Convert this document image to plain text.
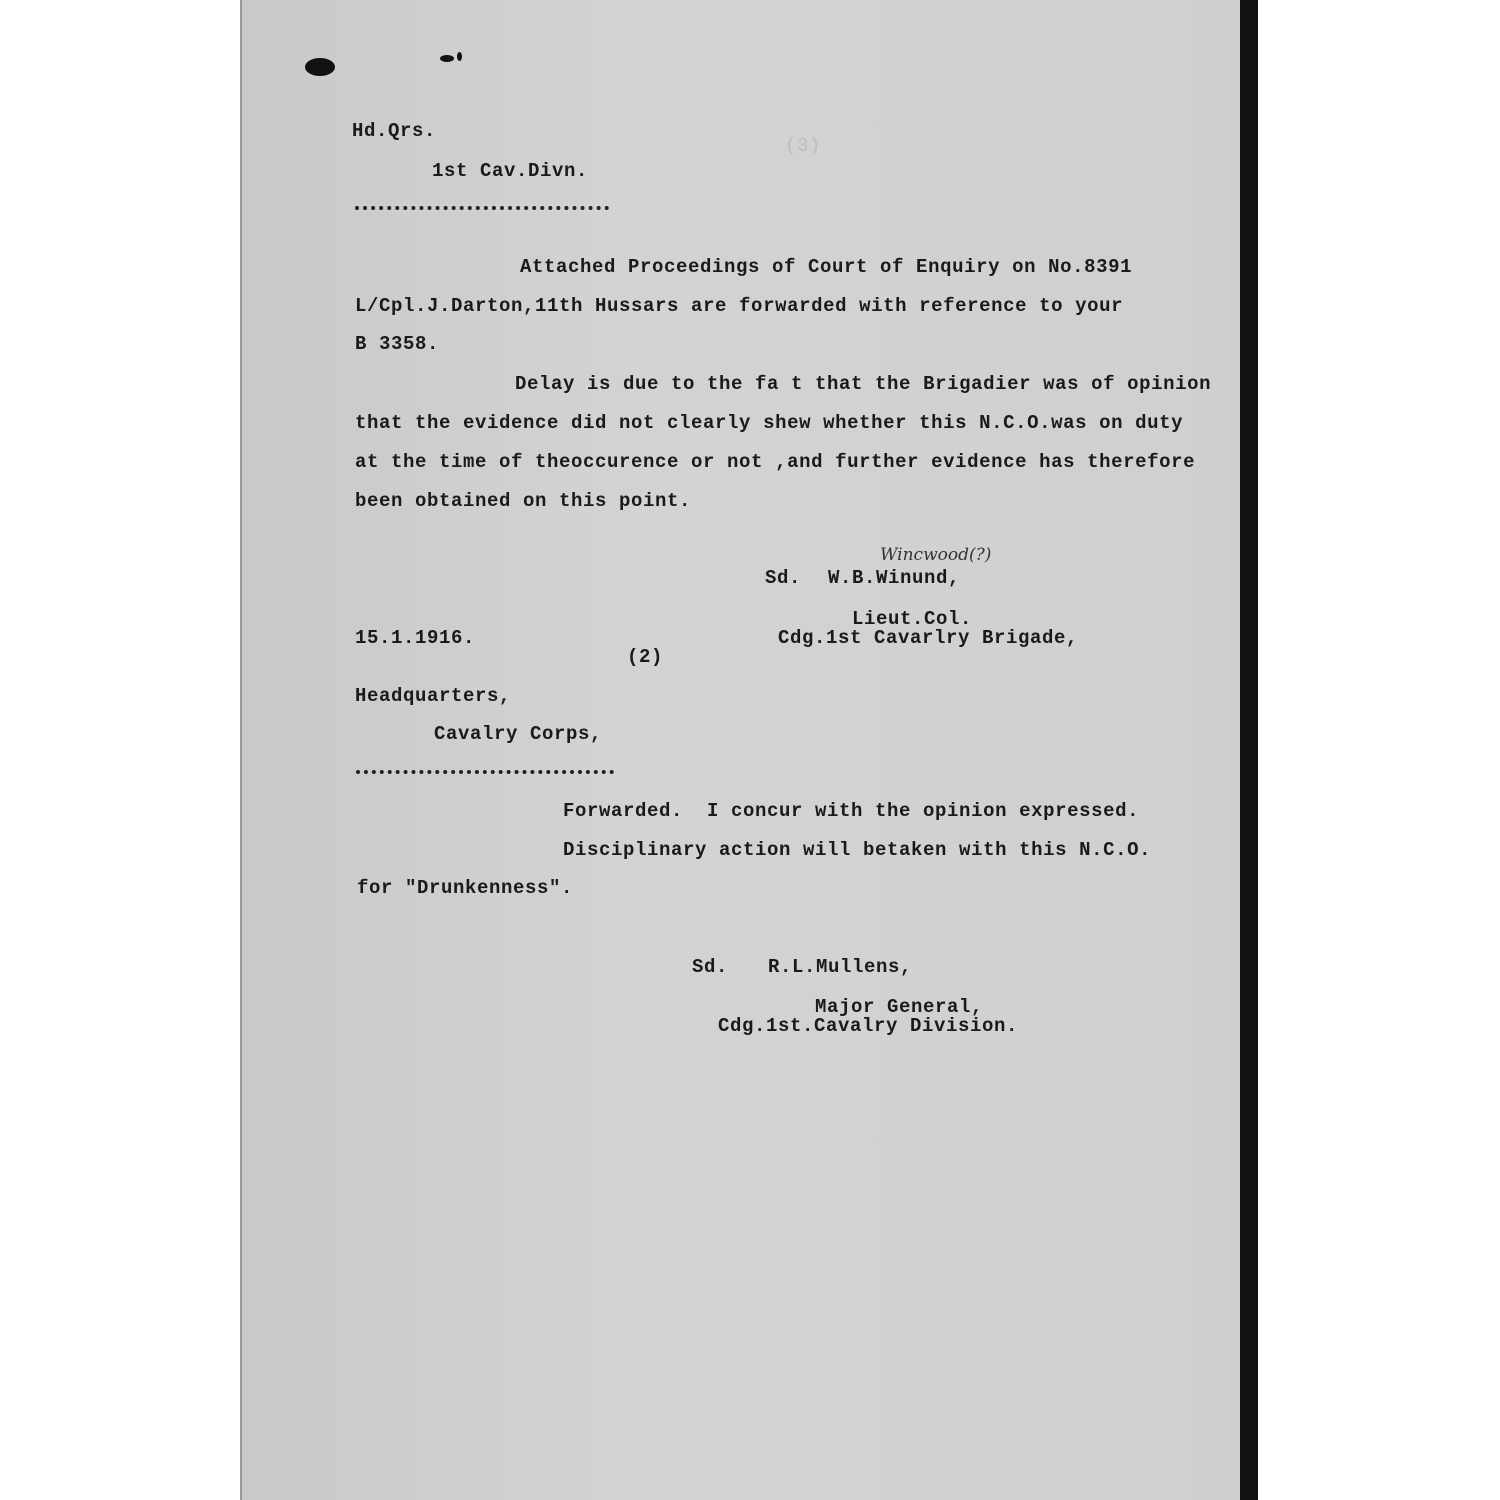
Hd.Qrs.
1st Cav.Divn.
(3)
Attached Proceedings of Court of Enquiry on No.8391
L/Cpl.J.Darton,11th Hussars are forwarded with reference to your
B 3358.
Delay is due to the fa t that the Brigadier was of opinion
that the evidence did not clearly shew whether this N.C.O.was on duty
at the time of theoccurence or not ,and further evidence has therefore
been obtained on this point.
Wincwood(?)
Sd. W.B.Winund,
Lieut.Col.
15.1.1916.	Cdg.1st Cavarlry Brigade,
(2)
Headquarters,
Cavalry Corps,
Forwarded.  I concur with the opinion expressed.
Disciplinary action will betaken with this N.C.O.
for "Drunkenness".
Sd. R.L.Mullens,
Major General,
Cdg.1st.Cavalry Division.
